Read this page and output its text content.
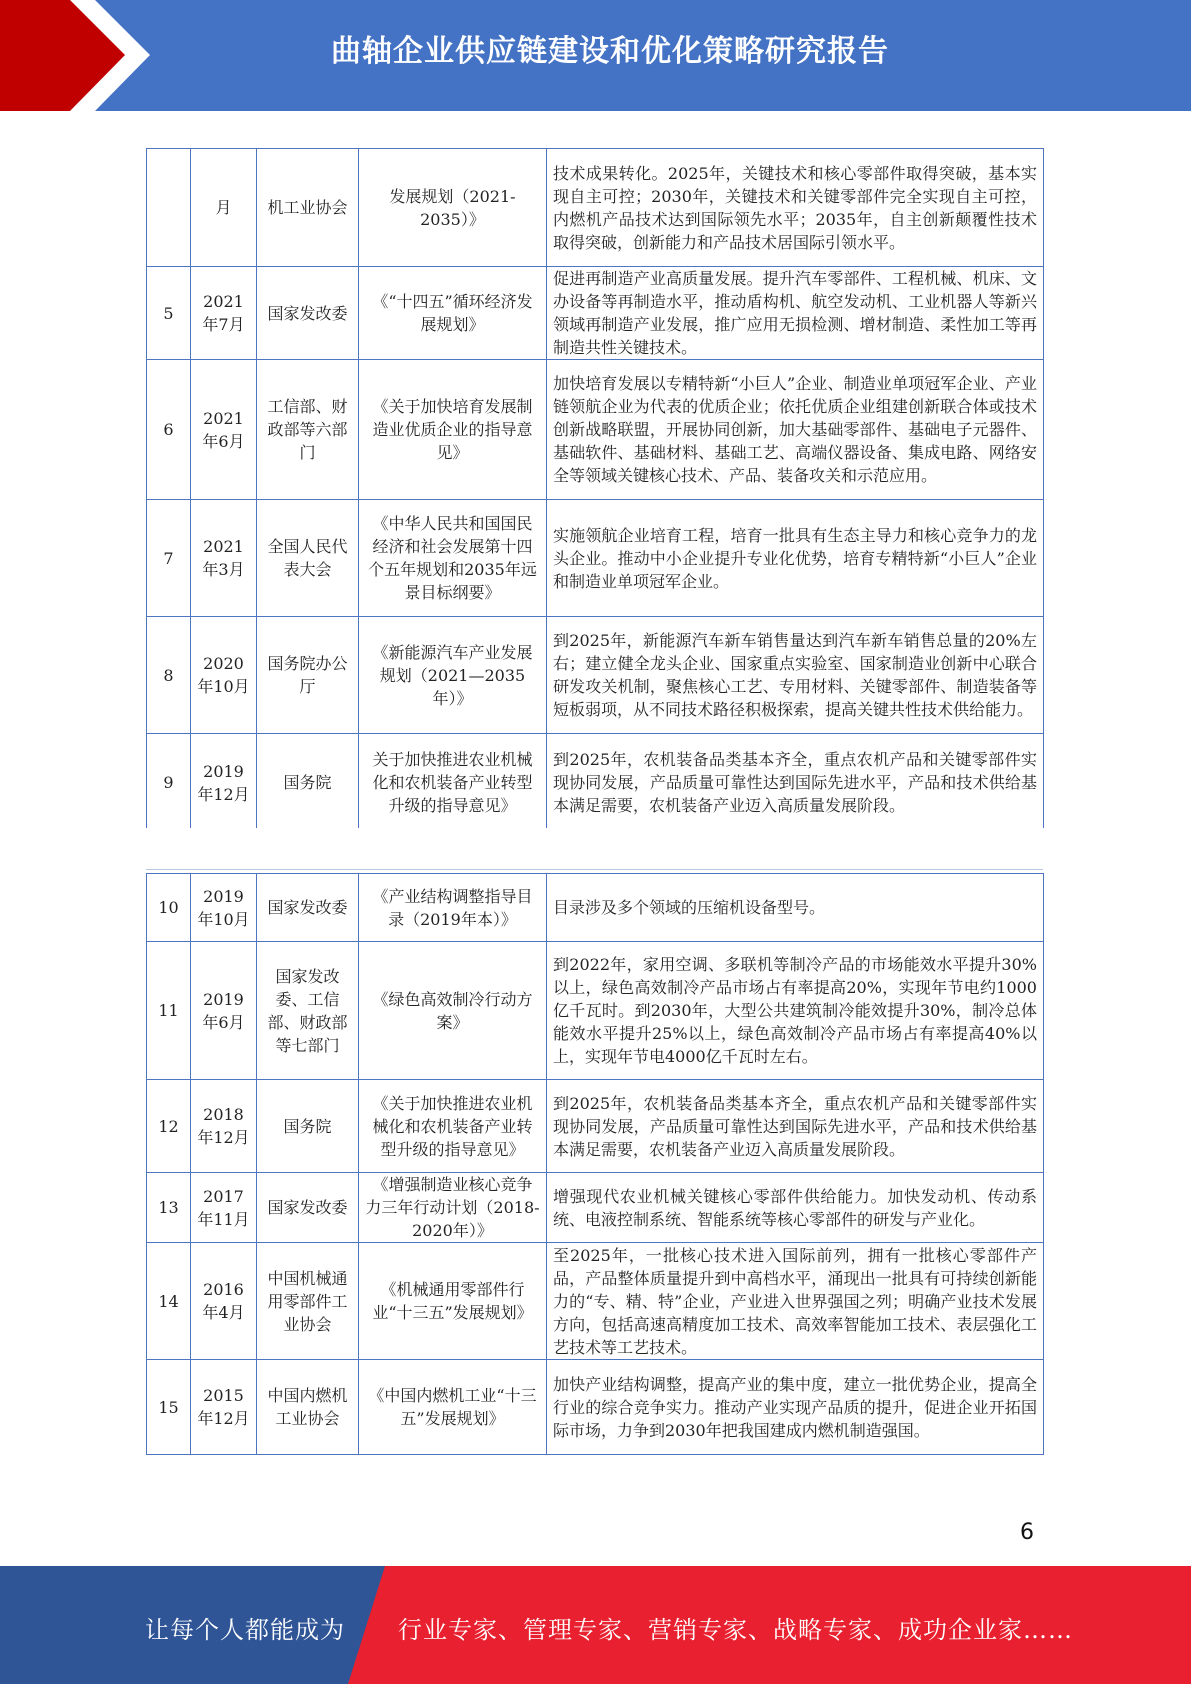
曲轴企业供应链建设和优化策略研究报告
	月	机工业协会	发展规划（2021-2035）》	技术成果转化。2025年，关键技术和核心零部件取得突破，基本实现自主可控；2030年，关键技术和关键零部件完全实现自主可控，内燃机产品技术达到国际领先水平；2035年，自主创新颠覆性技术取得突破，创新能力和产品技术居国际引领水平。
5	2021年7月	国家发改委	《“十四五”循环经济发展规划》	促进再制造产业高质量发展。提升汽车零部件、工程机械、机床、文办设备等再制造水平，推动盾构机、航空发动机、工业机器人等新兴领域再制造产业发展，推广应用无损检测、增材制造、柔性加工等再制造共性关键技术。
6	2021年6月	工信部、财政部等六部门	《关于加快培育发展制造业优质企业的指导意见》	加快培育发展以专精特新“小巨人”企业、制造业单项冠军企业、产业链领航企业为代表的优质企业；依托优质企业组建创新联合体或技术创新战略联盟，开展协同创新，加大基础零部件、基础电子元器件、基础软件、基础材料、基础工艺、高端仪器设备、集成电路、网络安全等领域关键核心技术、产品、装备攻关和示范应用。
7	2021年3月	全国人民代表大会	《中华人民共和国国民经济和社会发展第十四个五年规划和2035年远景目标纲要》	实施领航企业培育工程，培育一批具有生态主导力和核心竞争力的龙头企业。推动中小企业提升专业化优势，培育专精特新“小巨人”企业和制造业单项冠军企业。
8	2020年10月	国务院办公厅	《新能源汽车产业发展规划（2021—2035年）》	到2025年，新能源汽车新车销售量达到汽车新车销售总量的20%左右；建立健全龙头企业、国家重点实验室、国家制造业创新中心联合研发攻关机制，聚焦核心工艺、专用材料、关键零部件、制造装备等短板弱项，从不同技术路径积极探索，提高关键共性技术供给能力。
9	2019年12月	国务院	关于加快推进农业机械化和农机装备产业转型升级的指导意见》	到2025年，农机装备品类基本齐全，重点农机产品和关键零部件实现协同发展，产品质量可靠性达到国际先进水平，产品和技术供给基本满足需要，农机装备产业迈入高质量发展阶段。
10	2019年10月	国家发改委	《产业结构调整指导目录（2019年本）》	目录涉及多个领域的压缩机设备型号。
11	2019年6月	国家发改委、工信部、财政部等七部门	《绿色高效制冷行动方案》	到2022年，家用空调、多联机等制冷产品的市场能效水平提升30%以上，绿色高效制冷产品市场占有率提高20%，实现年节电约1000亿千瓦时。到2030年，大型公共建筑制冷能效提升30%，制冷总体能效水平提升25%以上，绿色高效制冷产品市场占有率提高40%以上，实现年节电4000亿千瓦时左右。
12	2018年12月	国务院	《关于加快推进农业机械化和农机装备产业转型升级的指导意见》	到2025年，农机装备品类基本齐全，重点农机产品和关键零部件实现协同发展，产品质量可靠性达到国际先进水平，产品和技术供给基本满足需要，农机装备产业迈入高质量发展阶段。
13	2017年11月	国家发改委	《增强制造业核心竞争力三年行动计划（2018-2020年）》	增强现代农业机械关键核心零部件供给能力。加快发动机、传动系统、电液控制系统、智能系统等核心零部件的研发与产业化。
14	2016年4月	中国机械通用零部件工业协会	《机械通用零部件行业“十三五”发展规划》	至2025年，一批核心技术进入国际前列，拥有一批核心零部件产品，产品整体质量提升到中高档水平，涌现出一批具有可持续创新能力的“专、精、特”企业，产业进入世界强国之列；明确产业技术发展方向，包括高速高精度加工技术、高效率智能加工技术、表层强化工艺技术等工艺技术。
15	2015年12月	中国内燃机工业协会	《中国内燃机工业“十三五”发展规划》	加快产业结构调整，提高产业的集中度，建立一批优势企业，提高全行业的综合竞争实力。推动产业实现产品质的提升，促进企业开拓国际市场，力争到2030年把我国建成内燃机制造强国。
6
让每个人都能成为 行业专家、管理专家、营销专家、战略专家、成功企业家……
